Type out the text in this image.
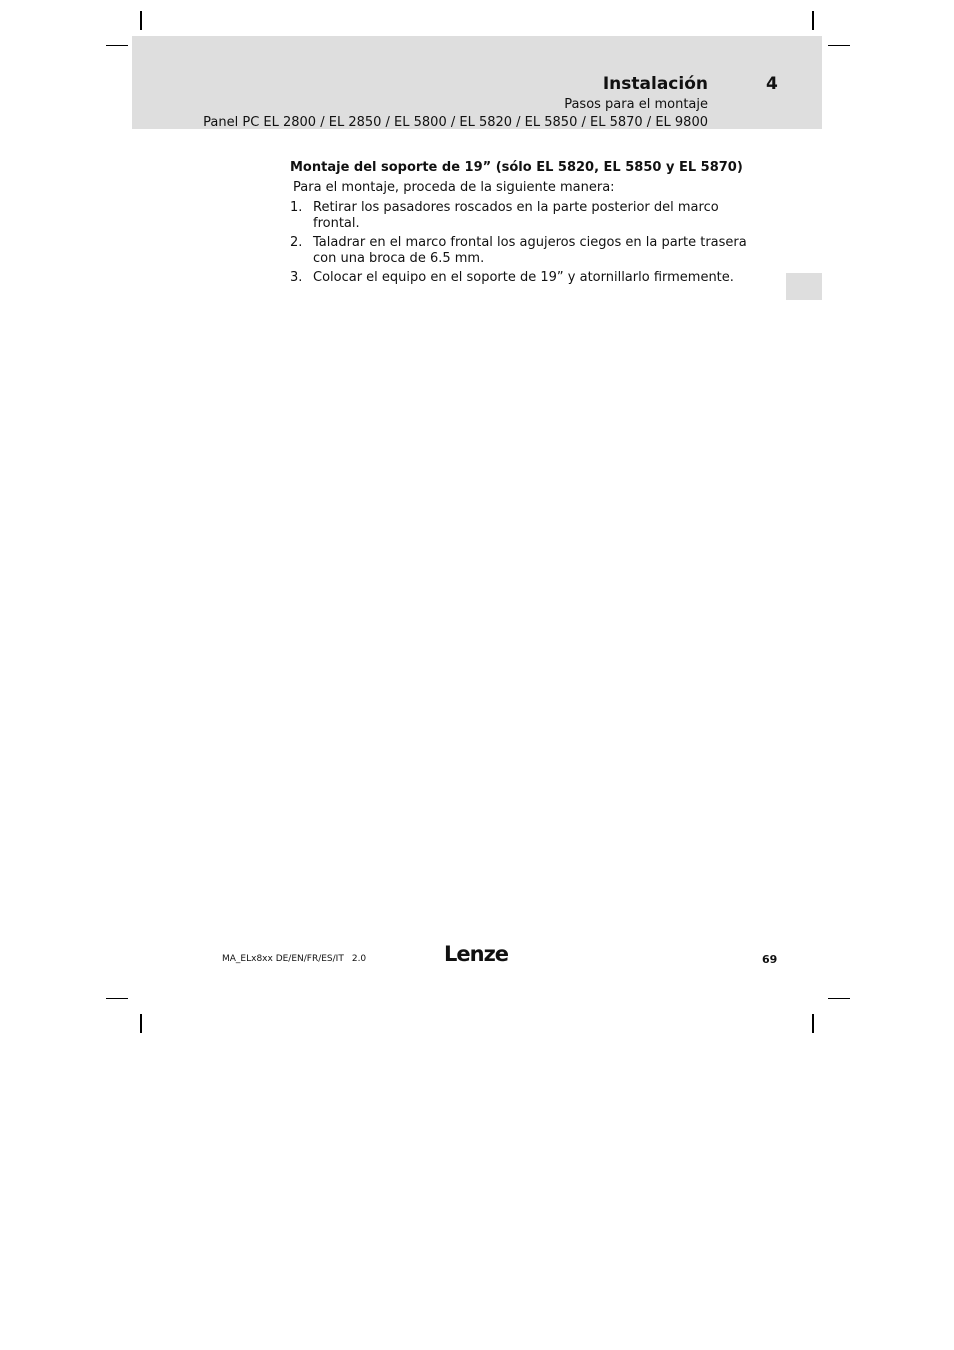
Instalación	4
Pasos para el montaje
Panel PC EL 2800 / EL 2850 / EL 5800 / EL 5820 / EL 5850 / EL 5870 / EL 9800
Montaje del soporte de 19” (sólo EL 5820, EL 5850 y EL 5870)
Para el montaje, proceda de la siguiente manera:
1. Retirar los pasadores roscados en la parte posterior del marco frontal.
2. Taladrar en el marco frontal los agujeros ciegos en la parte trasera con una broca de 6.5 mm.
3. Colocar el equipo en el soporte de 19” y atornillarlo firmemente.
MA_ELx8xx DE/EN/FR/ES/IT 2.0	Lenze	69
